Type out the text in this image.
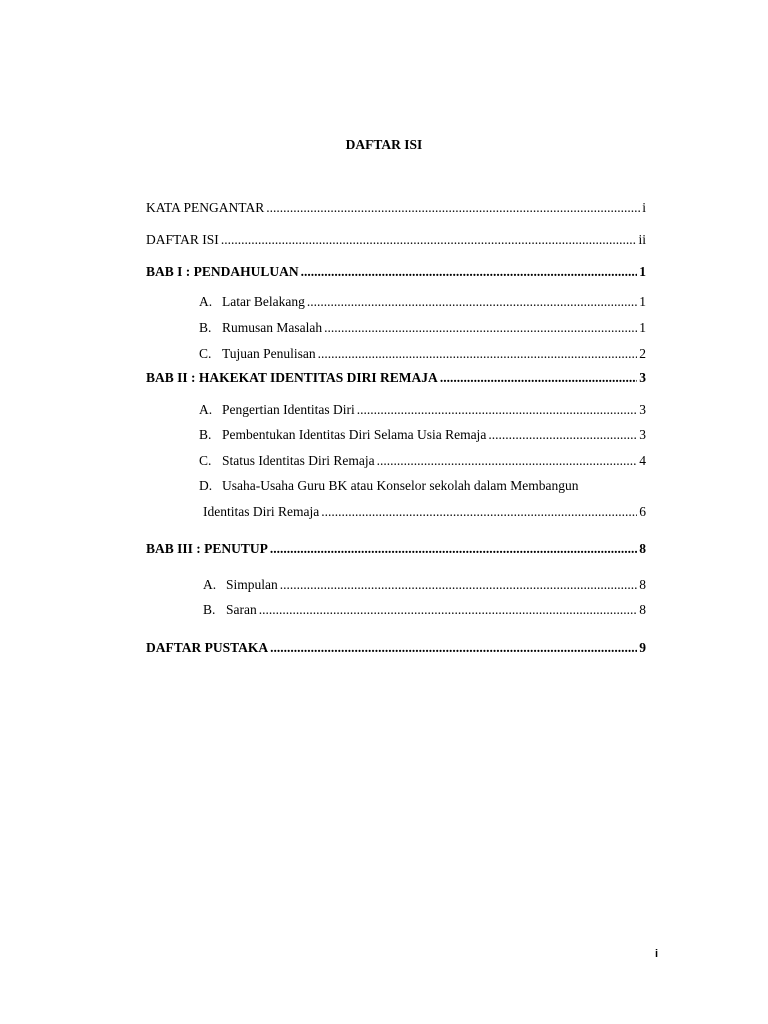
DAFTAR ISI
KATA PENGANTAR .....	i
DAFTAR ISI .....	ii
BAB I : PENDAHULUAN .....	1
A. Latar Belakang .....	1
B. Rumusan Masalah .....	1
C. Tujuan Penulisan .....	2
BAB II : HAKEKAT IDENTITAS DIRI REMAJA .....	3
A. Pengertian Identitas Diri .....	3
B. Pembentukan Identitas Diri Selama Usia Remaja .....	3
C. Status Identitas Diri Remaja .....	4
D. Usaha-Usaha Guru BK atau Konselor sekolah dalam Membangun
Identitas Diri Remaja .....	6
BAB III : PENUTUP .....	8
A. Simpulan .....	8
B. Saran .....	8
DAFTAR PUSTAKA .....	9
i
